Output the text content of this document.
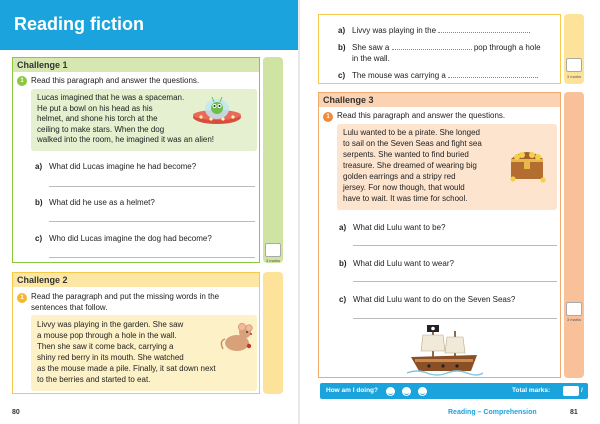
Reading fiction
Challenge 1
1 Read this paragraph and answer the questions.
Lucas imagined that he was a spaceman.
He put a bowl on his head as his
helmet, and shone his torch at the
ceiling to make stars. When the dog
walked into the room, he imagined it was an alien!
a) What did Lucas imagine he had become?
b) What did he use as a helmet?
c) Who did Lucas imagine the dog had become?
3 marks
Challenge 2
1 Read the paragraph and put the missing words in the
sentences that follow.
Livvy was playing in the garden. She saw
a mouse pop through a hole in the wall.
Then she saw it come back, carrying a
shiny red berry in its mouth. She watched
as the mouse made a pile. Finally, it sat down next
to the berries and started to eat.
80
a) Livvy was playing in the	.
b) She saw a	pop through a hole
in the wall.
c) The mouse was carrying a	.	3 marks
Challenge 3
1 Read this paragraph and answer the questions.
Lulu wanted to be a pirate. She longed
to sail on the Seven Seas and fight sea
serpents. She wanted to find buried
treasure. She dreamed of wearing big
golden earrings and a stripy red
jersey. For now though, that would
have to wait. It was time for school.
a) What did Lulu want to be?
b) What did Lulu want to wear?
c) What did Lulu want to do on the Seven Seas?
3 marks
How am I doing?	Total marks:	/
Reading – Comprehension	81
